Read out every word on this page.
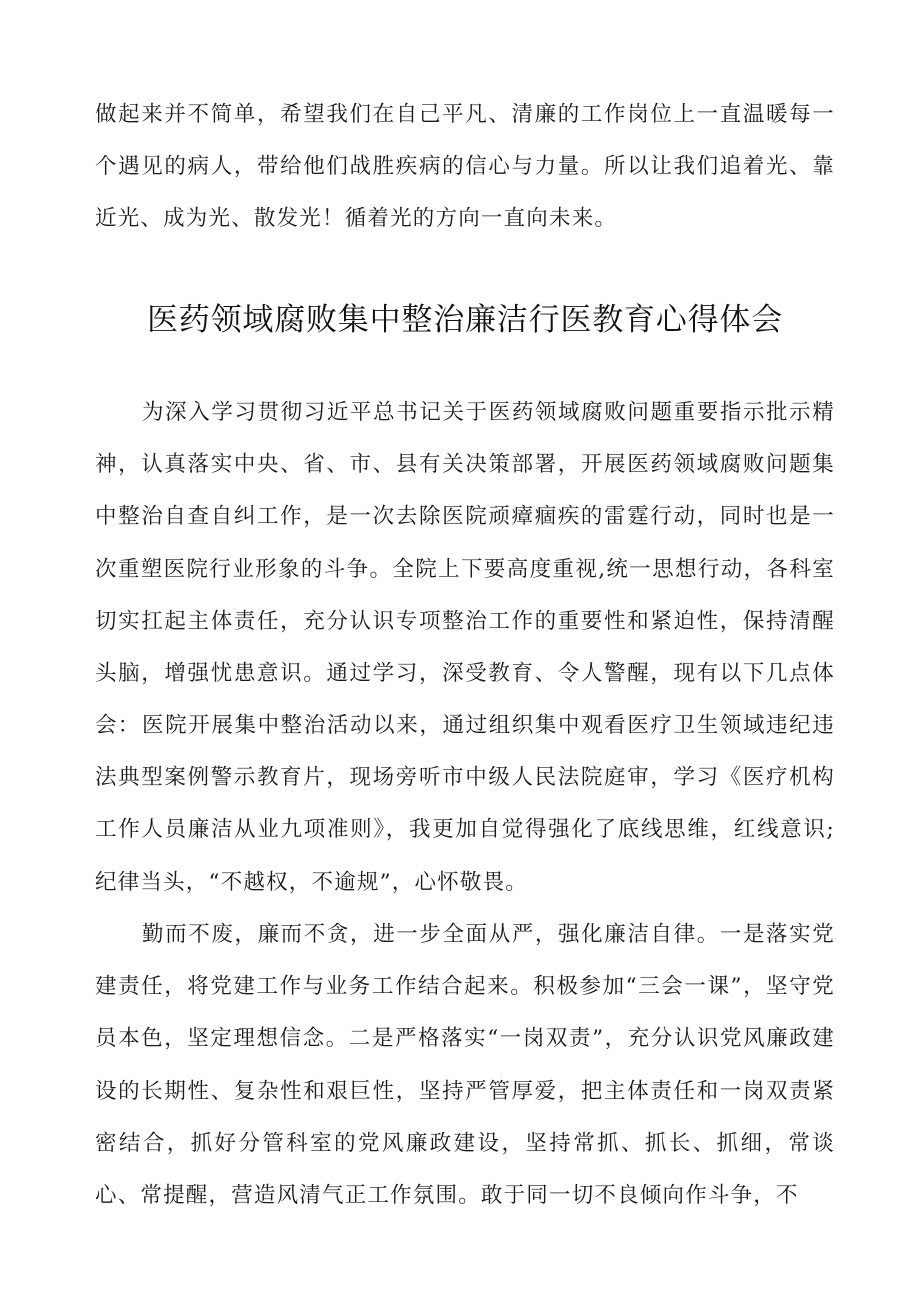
做起来并不简单，希望我们在自己平凡、清廉的工作岗位上一直温暖每一个遇见的病人，带给他们战胜疾病的信心与力量。所以让我们追着光、靠近光、成为光、散发光！循着光的方向一直向未来。

医药领域腐败集中整治廉洁行医教育心得体会

为深入学习贯彻习近平总书记关于医药领域腐败问题重要指示批示精神，认真落实中央、省、市、县有关决策部署，开展医药领域腐败问题集中整治自查自纠工作，是一次去除医院顽瘴痼疾的雷霆行动，同时也是一次重塑医院行业形象的斗争。全院上下要高度重视,统一思想行动，各科室切实扛起主体责任，充分认识专项整治工作的重要性和紧迫性，保持清醒头脑，增强忧患意识。通过学习，深受教育、令人警醒，现有以下几点体会： 医院开展集中整治活动以来，通过组织集中观看医疗卫生领域违纪违法典型案例警示教育片，现场旁听市中级人民法院庭审，学习《医疗机构工作人员廉洁从业九项准则》，我更加自觉得强化了底线思维，红线意识;纪律当头，“不越权，不逾规”，心怀敬畏。

勤而不废，廉而不贪，进一步全面从严，强化廉洁自律。一是落实党建责任，将党建工作与业务工作结合起来。积极参加“三会一课”，坚守党员本色，坚定理想信念。二是严格落实“一岗双责”，充分认识党风廉政建设的长期性、复杂性和艰巨性，坚持严管厚爱，把主体责任和一岗双责紧密结合，抓好分管科室的党风廉政建设，坚持常抓、抓长、抓细，常谈心、常提醒，营造风清气正工作氛围。敢于同一切不良倾向作斗争，不
